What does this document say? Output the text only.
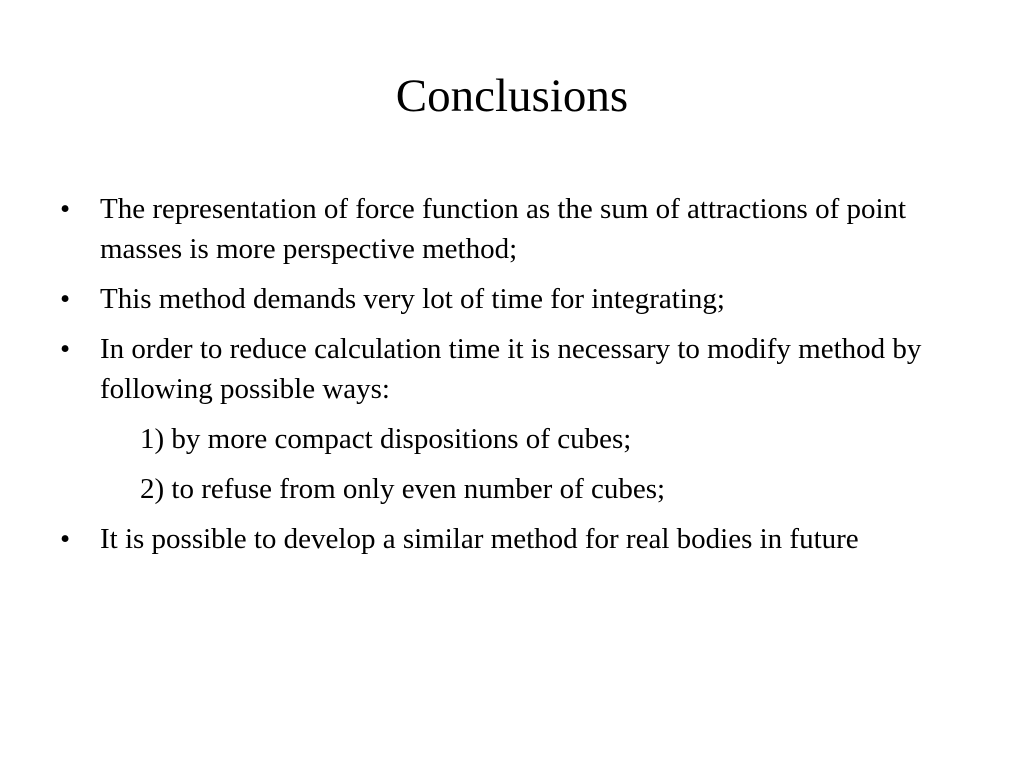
Conclusions
•	The representation of force function as the sum of attractions of point masses is more perspective method;
•	This method demands very lot of time for integrating;
•	In order to reduce calculation time it is necessary to modify method by following possible ways:
1) by more compact dispositions of cubes;
2) to refuse from only even number of cubes;
•	It is possible to develop a similar method for real bodies in future
